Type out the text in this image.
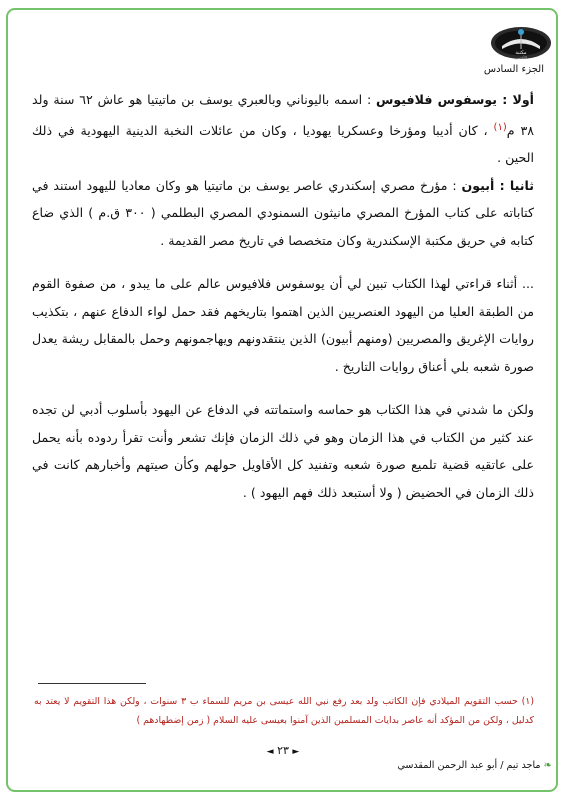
مكتبة
الأقصى
الجزء السادس

أولا : يوسفوس فلافيوس : اسمه باليوناني وبالعبري يوسف بن ماتيتيا هو عاش ٦٢ سنة ولد ٣٨ م$^{(١)}$ ، كان أديبا ومؤرخا وعسكريا يهوديا ، وكان من عائلات النخبة الدينية اليهودية في ذلك الحين .

ثانيا : أبيون : مؤرخ مصري إسكندري عاصر يوسف بن ماتيتيا هو وكان معاديا لليهود استند في كتاباته على كتاب المؤرخ المصري مانيثون السمنودي المصري البطلمي ( ٣٠٠ ق.م ) الذي ضاع كتابه في حريق مكتبة الإسكندرية وكان متخصصا في تاريخ مصر القديمة .

... أثناء قراءتي لهذا الكتاب تبين لي أن يوسفوس فلافيوس عالم على ما يبدو ، من صفوة القوم من الطبقة العليا من اليهود العنصريين الذين اهتموا بتاريخهم فقد حمل لواء الدفاع عنهم ، بتكذيب روايات الإغريق والمصريين (ومنهم أبيون) الذين ينتقدونهم ويهاجمونهم وحمل بالمقابل ريشة يعدل صورة شعبه بلي أعناق روايات التاريخ .

ولكن ما شدني في هذا الكتاب هو حماسه واستماتته في الدفاع عن اليهود بأسلوب أدبي لن تجده عند كثير من الكتاب في هذا الزمان وهو في ذلك الزمان فإنك تشعر وأنت تقرأ ردوده بأنه يحمل على عاتقيه قضية تلميع صورة شعبه وتفنيد كل الأقاويل حولهم وكأن صيتهم وأخبارهم كانت في ذلك الزمان في الحضيض ( ولا أستبعد ذلك فهم اليهود ) .

(١) حسب التقويم الميلادي فإن الكاتب ولد بعد رفع نبي الله عيسى بن مريم للسماء ب ٣ سنوات ، ولكن هذا التقويم لا يعتد به كدليل ، ولكن من المؤكد أنه عاصر بدايات المسلمين الذين آمنوا بعيسى عليه السلام ( زمن إضطهادهم )
◄ ٢٣ ►
❧ ماجد تيم / أبو عبد الرحمن المقدسي
